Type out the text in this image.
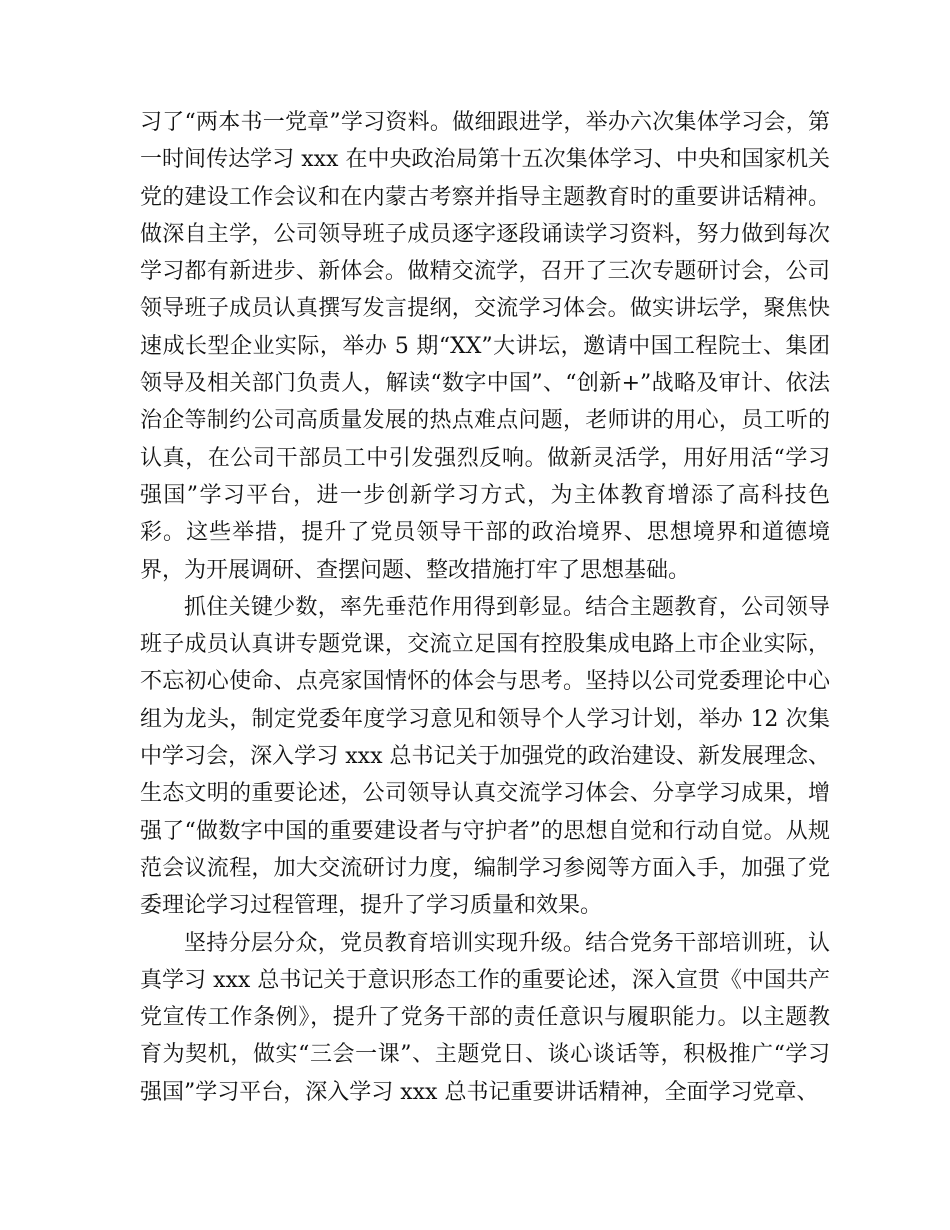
习了“两本书一党章”学习资料。做细跟进学，举办六次集体学习会，第一时间传达学习 xxx 在中央政治局第十五次集体学习、中央和国家机关党的建设工作会议和在内蒙古考察并指导主题教育时的重要讲话精神。做深自主学，公司领导班子成员逐字逐段诵读学习资料，努力做到每次学习都有新进步、新体会。做精交流学，召开了三次专题研讨会，公司领导班子成员认真撰写发言提纲，交流学习体会。做实讲坛学，聚焦快速成长型企业实际，举办 5 期“XX”大讲坛，邀请中国工程院士、集团领导及相关部门负责人，解读“数字中国”、“创新+”战略及审计、依法治企等制约公司高质量发展的热点难点问题，老师讲的用心，员工听的认真，在公司干部员工中引发强烈反响。做新灵活学，用好用活“学习强国”学习平台，进一步创新学习方式，为主体教育增添了高科技色彩。这些举措，提升了党员领导干部的政治境界、思想境界和道德境界，为开展调研、查摆问题、整改措施打牢了思想基础。

抓住关键少数，率先垂范作用得到彰显。结合主题教育，公司领导班子成员认真讲专题党课，交流立足国有控股集成电路上市企业实际，不忘初心使命、点亮家国情怀的体会与思考。坚持以公司党委理论中心组为龙头，制定党委年度学习意见和领导个人学习计划，举办 12 次集中学习会，深入学习 xxx 总书记关于加强党的政治建设、新发展理念、生态文明的重要论述，公司领导认真交流学习体会、分享学习成果，增强了“做数字中国的重要建设者与守护者”的思想自觉和行动自觉。从规范会议流程，加大交流研讨力度，编制学习参阅等方面入手，加强了党委理论学习过程管理，提升了学习质量和效果。

坚持分层分众，党员教育培训实现升级。结合党务干部培训班，认真学习 xxx 总书记关于意识形态工作的重要论述，深入宣贯《中国共产党宣传工作条例》，提升了党务干部的责任意识与履职能力。以主题教育为契机，做实“三会一课”、主题党日、谈心谈话等，积极推广“学习强国”学习平台，深入学习 xxx 总书记重要讲话精神，全面学习党章、
